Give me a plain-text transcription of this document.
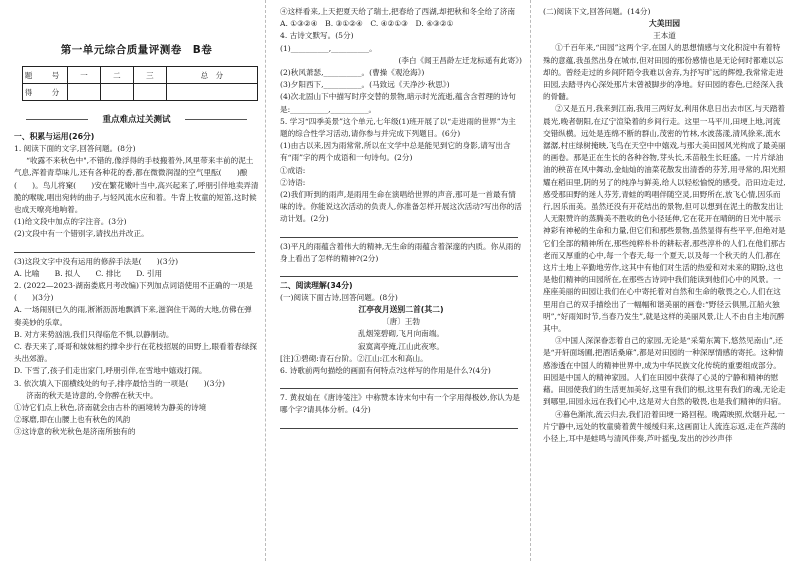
第一单元综合质量评测卷　B卷
题　号	一	二	三	总　分
得　分				
重点难点过关测试

一、积累与运用(26分)

1. 阅读下面的文字,回答问题。(8分)

“收露不来秋色中",不错的,像浮得的手枝搬着外,风里带来丰前的泥土气息,浑着青草味儿,还有各种花的香,都在微微润湿的空气里酝(　　)酿(　　)。鸟儿将窠(　　)安在繁花嫩叶当中,高兴起来了,呼朋引伴地卖弄清脆的喉咙,唱出宛转的曲子,与轻风流水应和着。牛背上牧童的短笛,这时候也成天嘹亮地响着。

(1)给文段中加点的字注音。(3分)

(2)文段中有一个错别字,请找出并改正。

(3)这段文字中没有运用的修辞手法是(　　)(3分)

A. 比喻　　B. 拟人　　C. 排比　　D. 引用

2. (2022—2023·湖南娄底月考改编)下列加点词语使用不正确的一项是(　　)(3分)

A. 一场闹别已久的雨,淅淅沥沥地飘洒下来,滋润住干渴的大地,仿佛在弹奏美妙的乐章。

B. 对方来势汹汹,我们只得临危不惧,以静制动。

C. 春天来了,哥哥和妹妹相约撑伞步行在花枝招展的田野上,眼看着春绿探头出郊游。

D. 下雪了,孩子们走出家门,呼朋引伴,在雪地中嬉戏打闹。

3. 依次填入下面横线处的句子,排序最恰当的一项是(　　)(3分)

济南的秋天是诗意的,令你醉在秋天中。

①诗它们点上秋色,济南就会由古朴的画境转为静美的诗境

②琢磨,即在山腰上也有秋色的风韵

③这诗意的秋光秋色是济南所独有的

④这样看来,上天把夏天给了瑞士,把春给了西湖,却把秋和冬全给了济南

A. ①③②④　B. ③①②④　C. ④②①③　D. ④③②①

4. 古诗文默写。(5分)

(1)__________,__________。

(李白《闻王昌龄左迁龙标遥有此寄》)

(2)秋风萧瑟,__________。(曹操《观沧海》)

(3)夕阳西下,__________。(马致远《天净沙·秋思》)

(4)次北固山下中描写时序交替的景物,暗示时光流逝,蕴含含哲理的诗句是:__________,__________。

5. 学习“四季美景”这个单元,七年级(1)班开展了以“走进雨的世界”为主题的综合性学习活动,请你参与并完成下列题目。(6分)

(1)由古以来,因为雨常常,所以在文学中总是能见到它的身影,请写出含有“雨”字的两个成语和一句诗句。(2分)

①成语:

②诗语:

(2)我们听到的雨声,是雨用生命在演唱给世界的声音,那可是一首最有情味的诗。你能说这次活动的负责人,你准备怎样开展这次活动?写出你的活动计划。(2分)

(3)平凡的雨蕴含着伟大的精神,无生命的雨蕴含着深邃的内质。你从雨的身上看出了怎样的精神?(2分)

二、阅读理解(34分)

(一)阅读下面古诗,回答问题。(8分)

江亭夜月送别二首(其二)

〔唐〕王勃

乱烟笼碧砌,飞月向南端。

寂寞离亭掩,江山此夜寒。

[注]①碧砌:青石台阶。②江山:江水和高山。

6. 诗歌前两句描绘的画面有何特点?这样写的作用是什么?(4分)

7. 黄叔灿在《唐诗笺注》中称赞本诗末句中有一个字用得极妙,你认为是哪个字?请具体分析。(4分)

(二)阅读下文,回答问题。(14分)

大美田园

王本道

①千百年来,“田园”这两个字,在国人的思想情感与文化积淀中有着特殊的意蕴,我虽然出身在城市,但对田园的那份感情也是无论何时都难以忘却的。曾经走过的乡间阡陌令我难以舍弃,为抒写旷远的辉煌,我常常走进田园,去踏寻内心深处那片未曾被脚步的净地。好田园的春色,已经深入我的骨髓。

②又是五月,我来到江南,我用三两好友,利用休息日出去市区,与天踏着晨光,晚者朝阳,在辽宁渲染着的乡间行走。这里一马平川,田埂上地,河流交错纵横。远处是连绵不断的群山,茂密的竹林,水波荡漾,清风徐来,流水潺潺,村庄绿树掩映,飞鸟在天空中中嬉戏,与那大美田园风光构成了最美丽的画卷。那是正在生长的各种谷物,芽头长,禾苗般生长旺盛。一片片绿油油的秧苗在风中舞动,金灿灿的油菜花散发出清香的芬芳,用寻常的,阳光照耀在稻田里,阴的另了的纯净与鲜美,给人以轻松愉悦的感受。沿田边走过,感受那田野的迷人芬芳,青蛙的鸣唱伴随空灵,田野所在,放飞心情,因乐而行,因乐而美。虽然还没有开花结出的景物,但可以想到在泥土的散发出让人无限赞许的蒸腾美不胜收的色小径延伸,它在花开在晴朗的日光中展示神彩有神秘的生命和力量,但它们和那些景物,虽然显得有些平平,但绝对是它们全部的精神所在,那些纯粹朴朴的耕耘者,那些淳朴的人们,在他们那古老而又厚重的心中,每一个春天,每一个夏天,以及每一个秋天的人们,都在这片土地上辛勤地劳作,这其中有他们对生活的热爱和对未来的期盼,这也是他们精神的田园所在,在那些古诗词中我们能读到他们心中的风景。一座座美丽的田园让我们在心中寄托着对自然和生命的敬畏之心,人们在这里用自己的双手描绘出了一幅幅和谐美丽的画卷:“野径云俱黑,江船火独明”,“好雨知时节,当春乃发生”,就是这样的美丽风景,让人不由自主地沉醉其中。

③中国人深深眷恋着自己的家园,无论是“采菊东篱下,悠然见南山”,还是“开轩面场圃,把酒话桑麻”,都是对田园的一种深厚情感的寄托。这种情感渗透在中国人的精神世界中,成为中华民族文化传统的重要组成部分。田园是中国人的精神家园。人们在田园中获得了心灵的宁静和精神的慰藉。田园使我们的生活更加美好,这里有我们的根,这里有我们的魂,无论走到哪里,田园永远在我们心中,这是对大自然的敬畏,也是我们精神的归宿。

④暮色渐浓,流云归去,我们沿着田埂一路回程。晚霞映照,炊烟升起,一片宁静中,远处的牧童骑着黄牛缓缓归来,这画面让人流连忘返,走在芦荡的小径上,耳中是蛙鸣与清风伴奏,芦叶摇曳,发出的沙沙声伴
